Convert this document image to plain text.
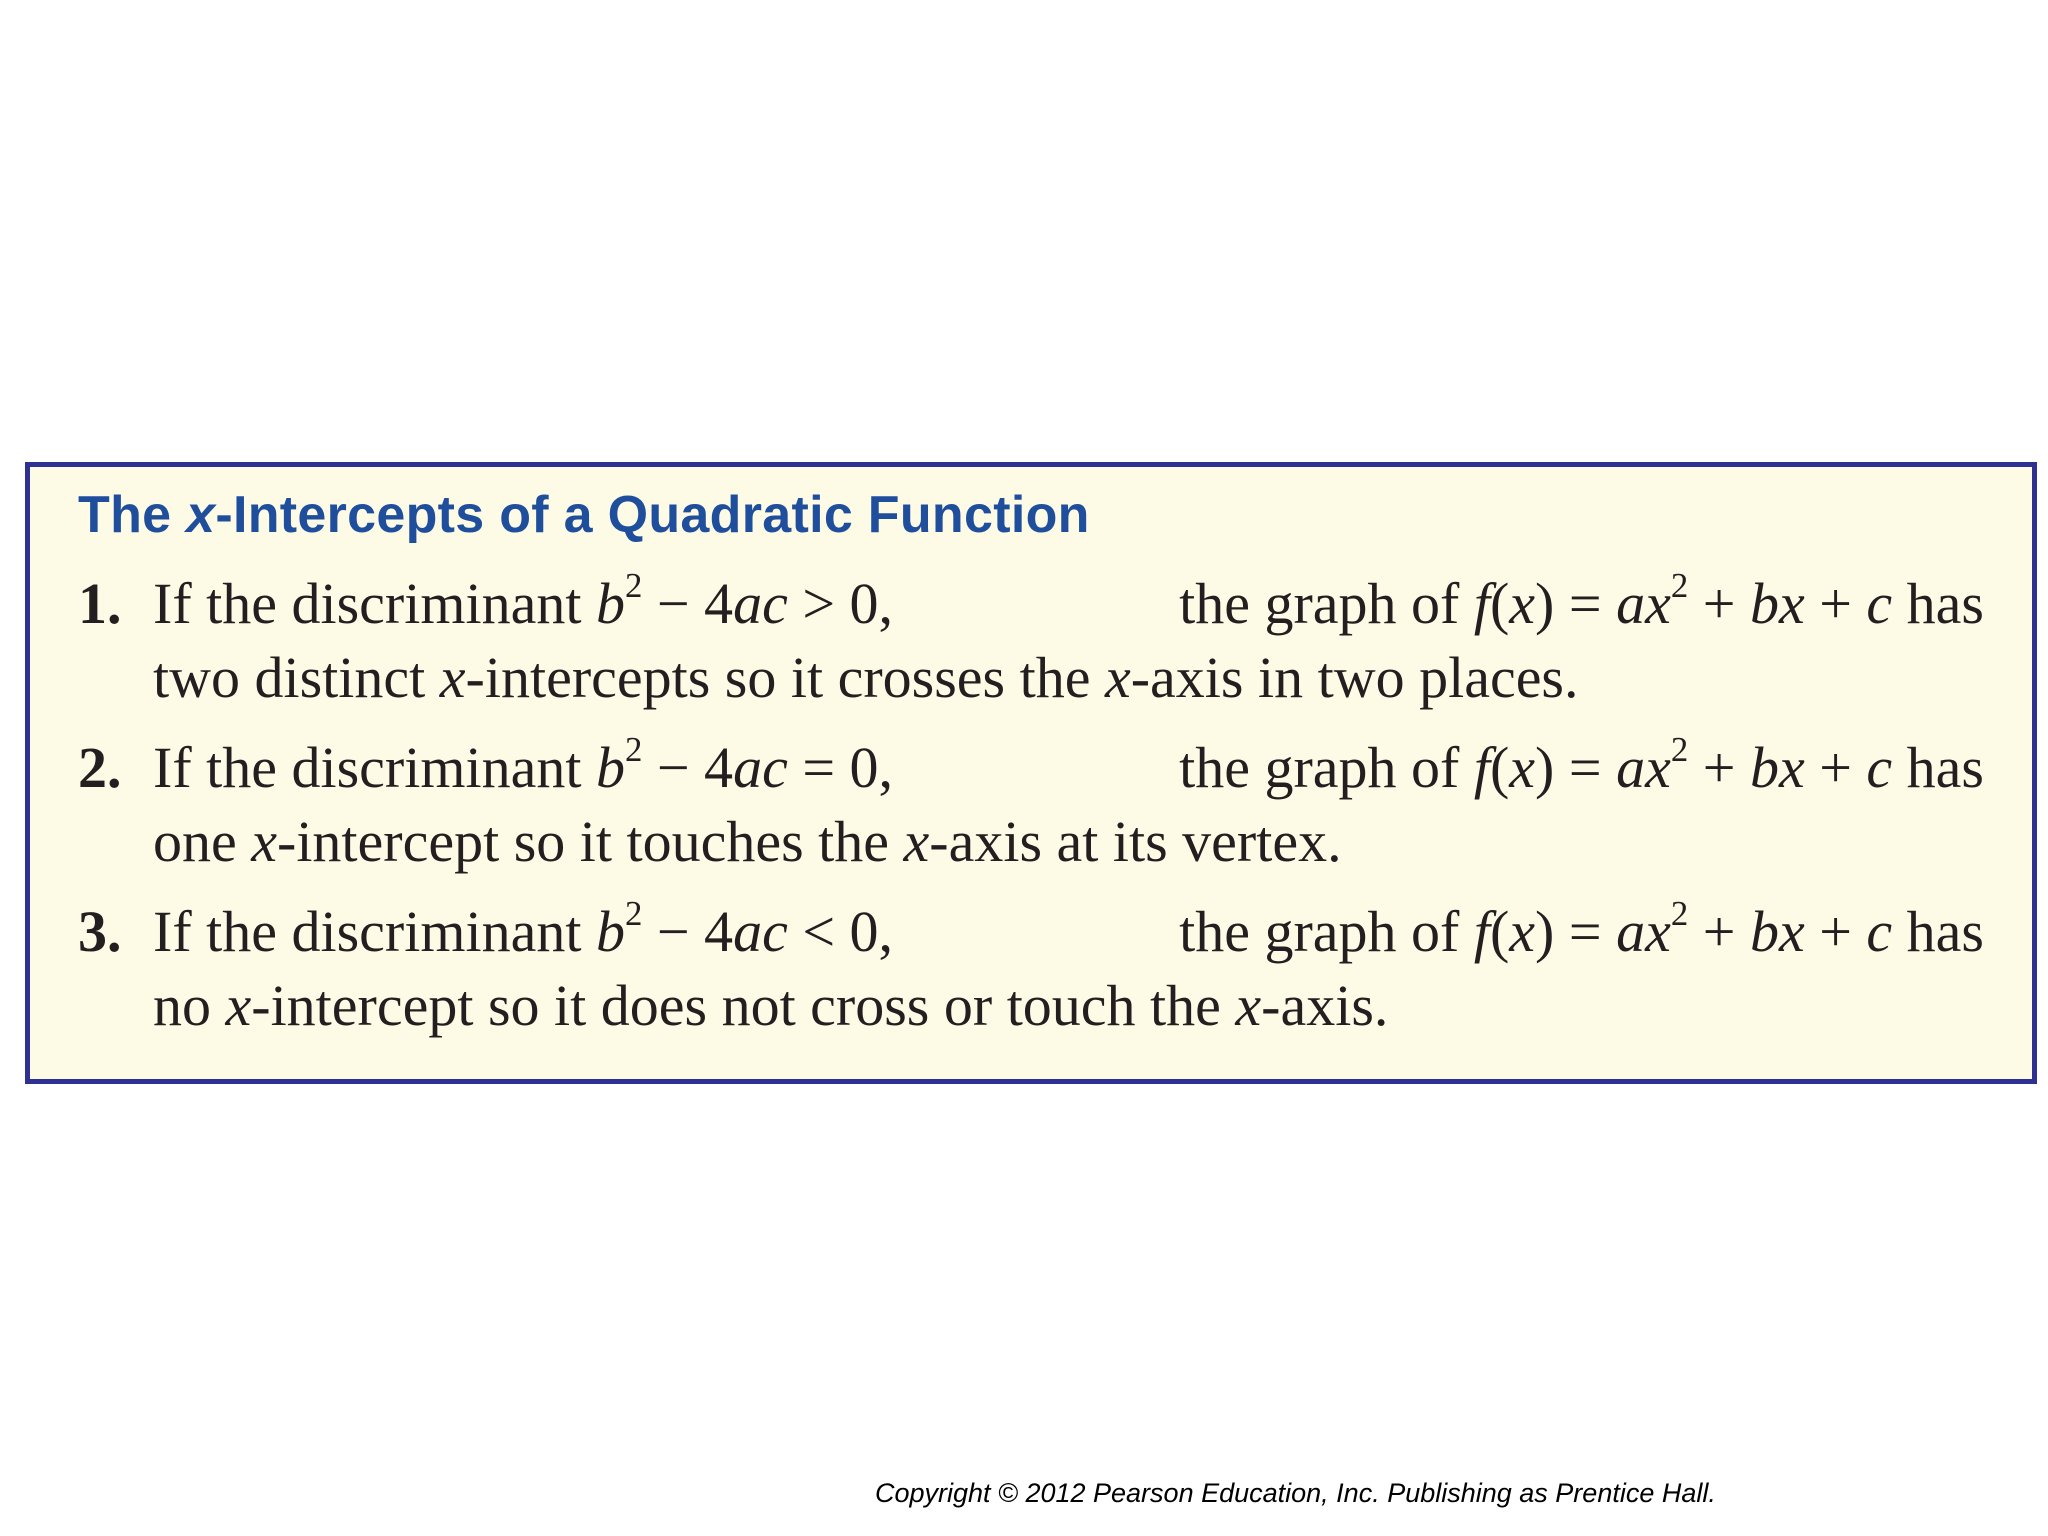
The x-Intercepts of a Quadratic Function
1. If the discriminant $b^2 - 4ac > 0$,	the graph of $f(x) = ax^2$ + bx + c has
two distinct x-intercepts so it crosses the x-axis in two places.
2. If the discriminant $b^2 - 4ac = 0$,	the graph of $f(x) = ax^2$ + bx + c has
one x-intercept so it touches the x-axis at its vertex.
3. If the discriminant $b^2 - 4ac < 0$,	the graph of $f(x) = ax^2$ + bx + c has
no x-intercept so it does not cross or touch the x-axis.
Copyright © 2012 Pearson Education, Inc. Publishing as Prentice Hall.
